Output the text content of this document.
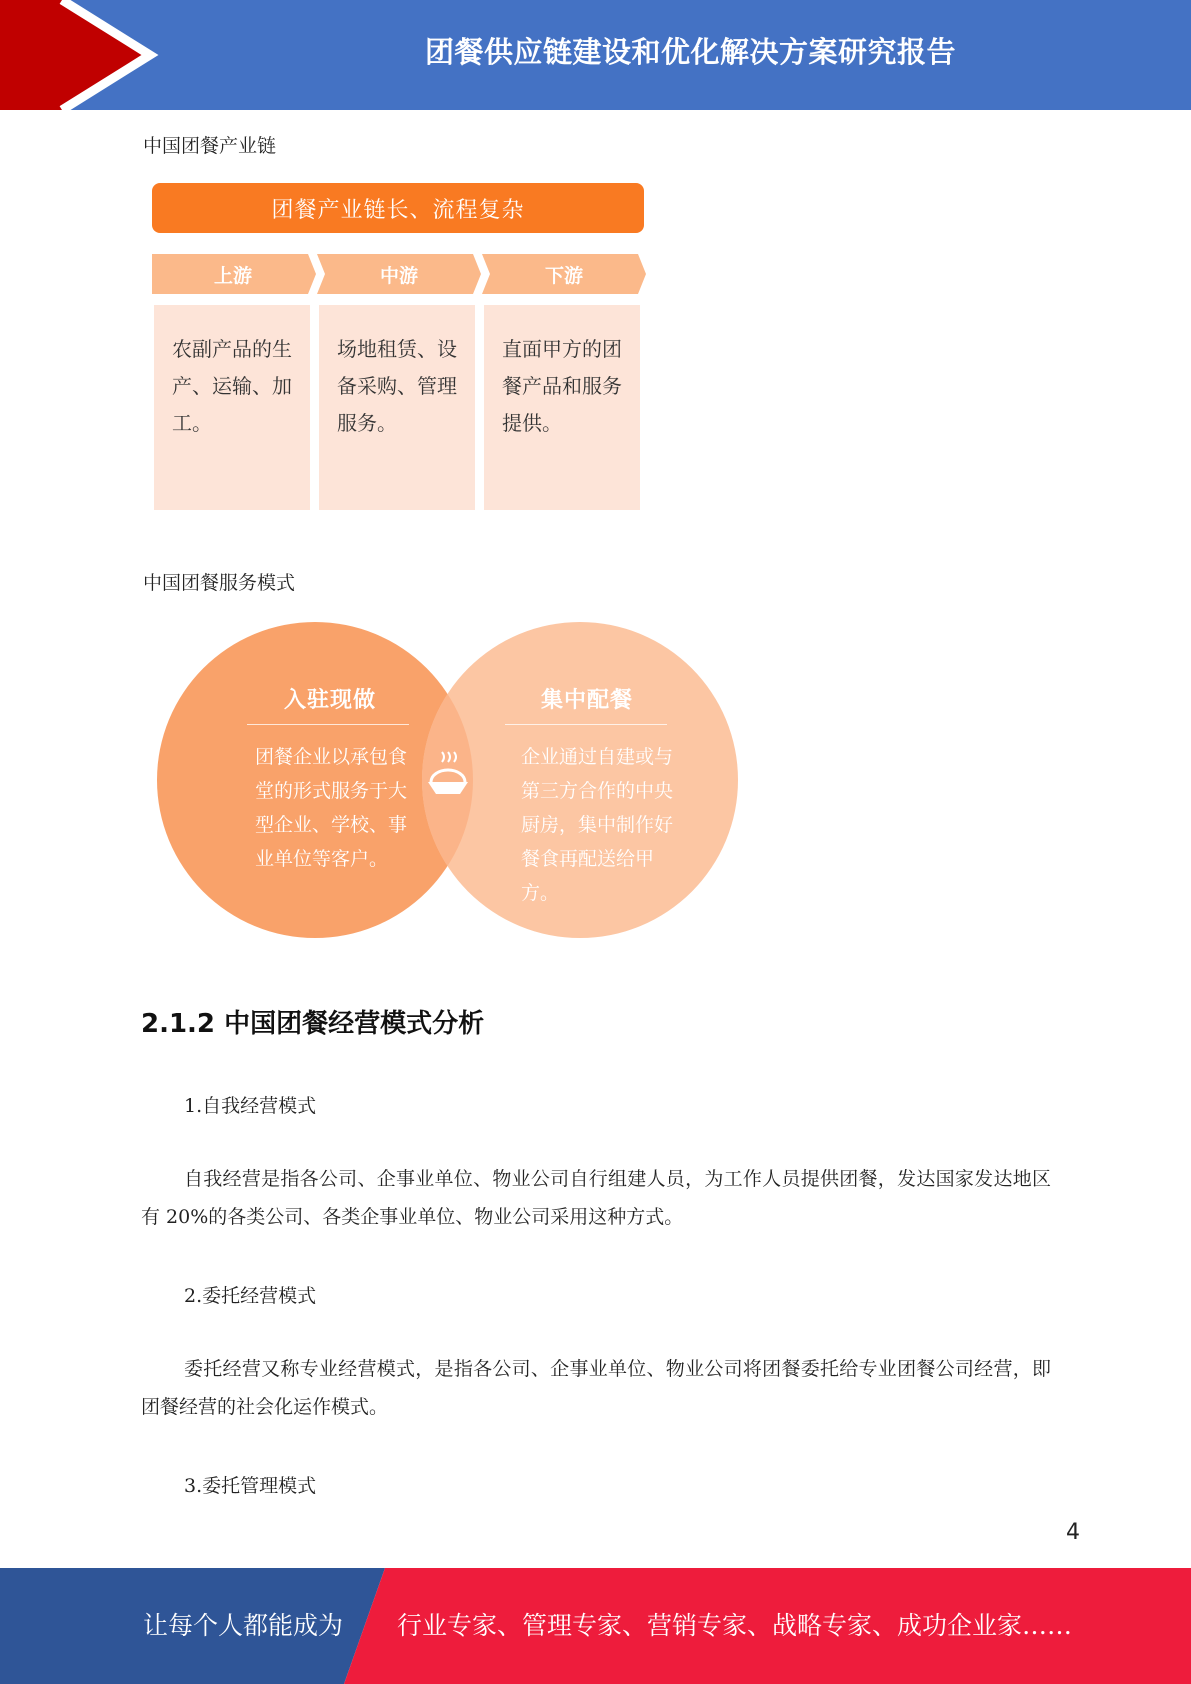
团餐供应链建设和优化解决方案研究报告
中国团餐产业链
团餐产业链长、流程复杂
上游	中游	下游
农副产品的生
产、运输、加
工。
场地租赁、设
备采购、管理
服务。
直面甲方的团
餐产品和服务
提供。
中国团餐服务模式
入驻现做
团餐企业以承包食堂的形式服务于大型企业、学校、事业单位等客户。
集中配餐
企业通过自建或与第三方合作的中央厨房，集中制作好餐食再配送给甲方。
2.1.2 中国团餐经营模式分析
1.自我经营模式
自我经营是指各公司、企事业单位、物业公司自行组建人员，为工作人员提供团餐，发达国家发达地区有 20%的各类公司、各类企事业单位、物业公司采用这种方式。
2.委托经营模式
委托经营又称专业经营模式，是指各公司、企事业单位、物业公司将团餐委托给专业团餐公司经营，即团餐经营的社会化运作模式。
3.委托管理模式
4
让每个人都能成为 行业专家、管理专家、营销专家、战略专家、成功企业家……
